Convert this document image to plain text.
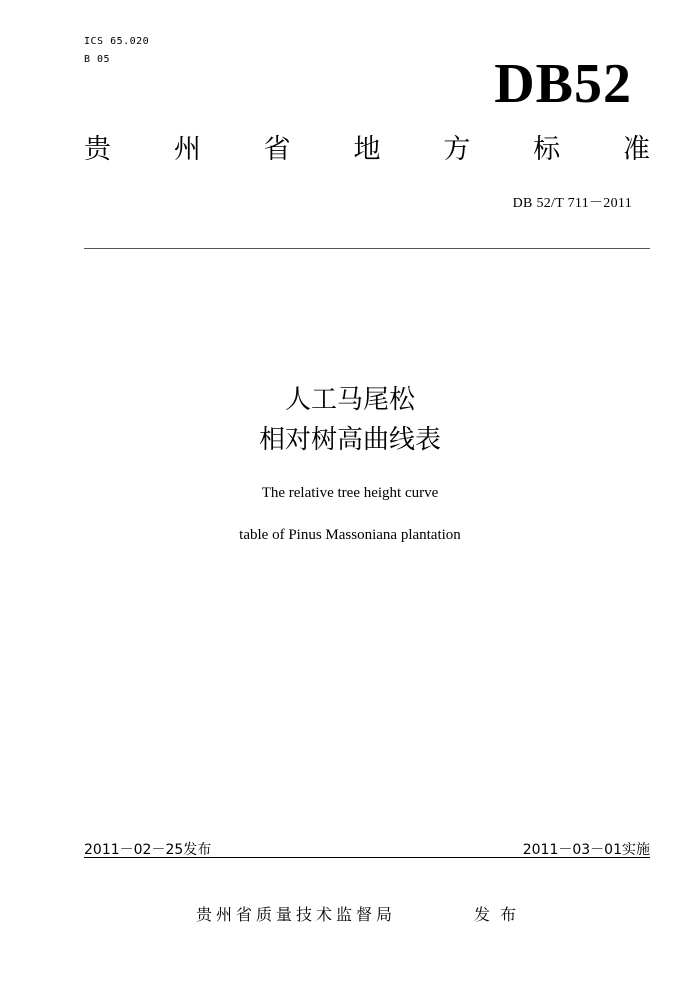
ICS 65.020
B 05	DB52
贵 州 省 地 方 标 准
DB 52/T 711－2011
人工马尾松
相对树高曲线表
The relative tree height curve
table of Pinus Massoniana plantation
2011－02－25发布	2011－03－01实施
贵州省质量技术监督局	发布
